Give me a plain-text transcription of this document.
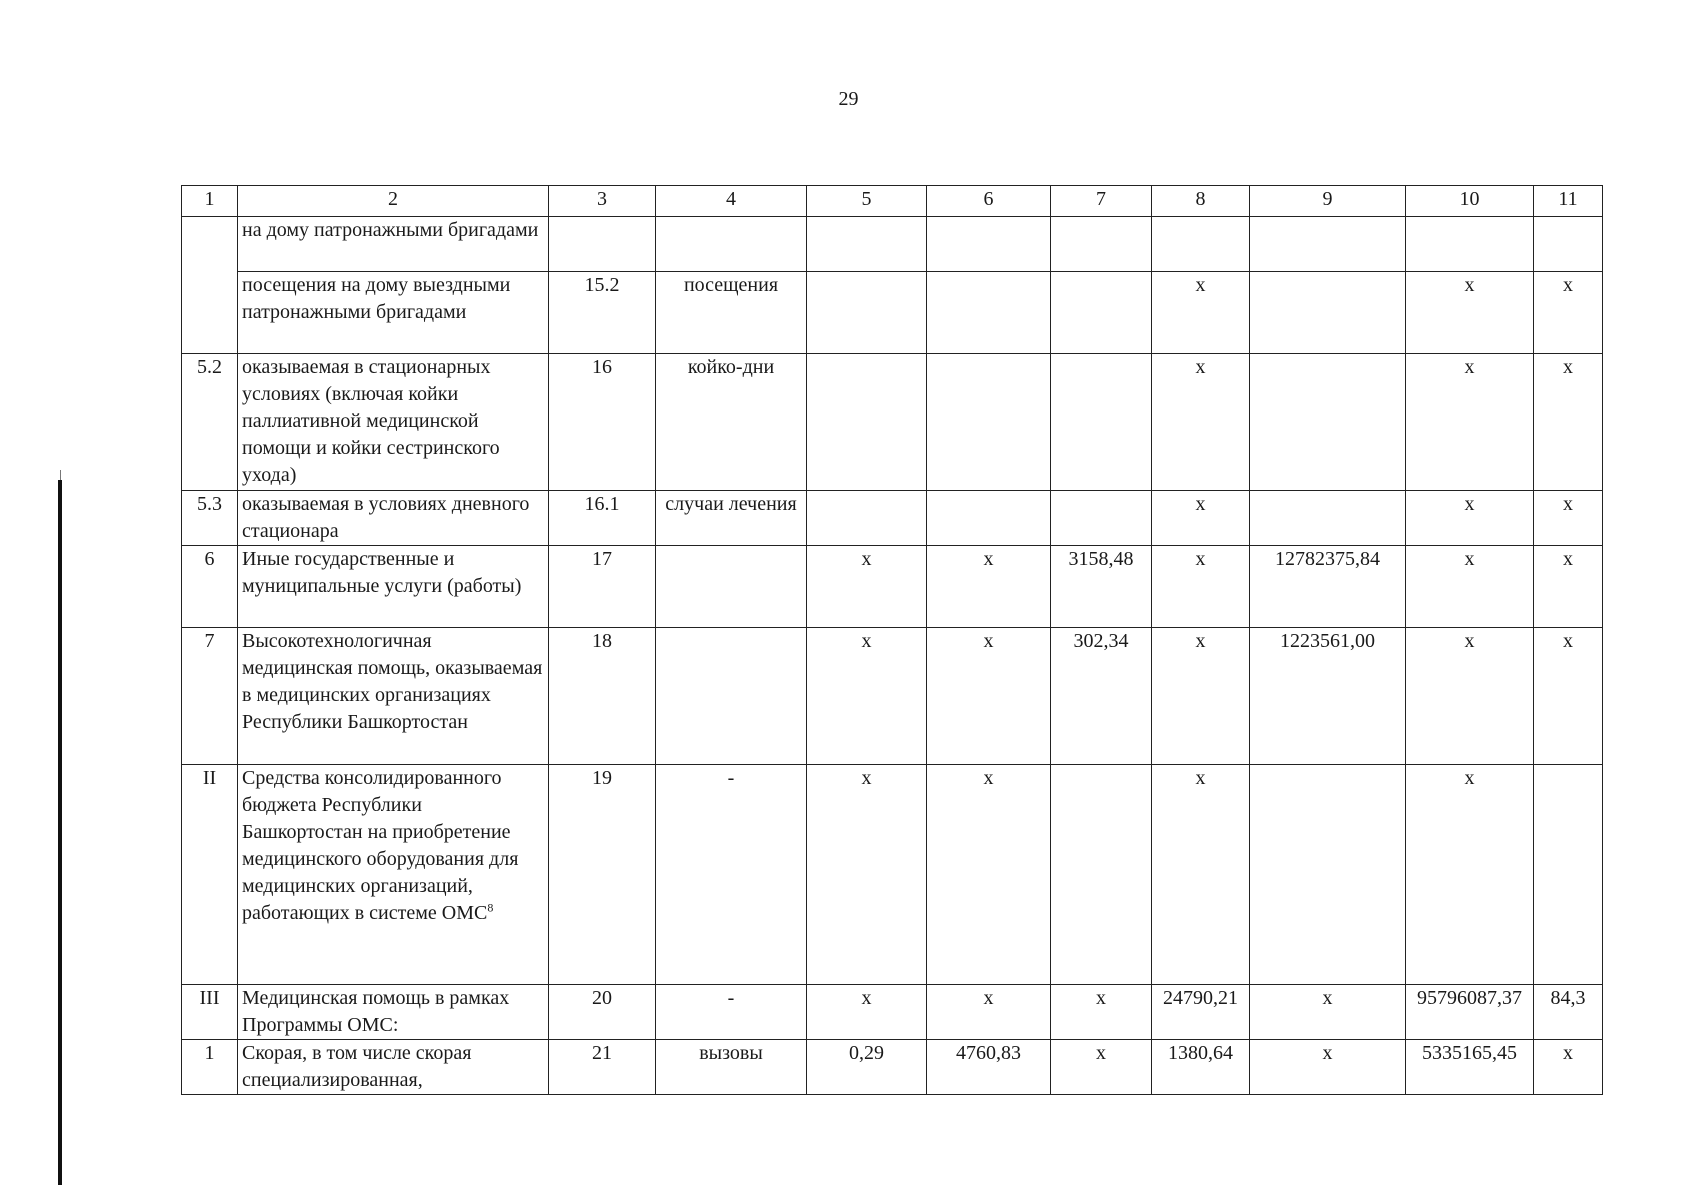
29
1	2	3	4	5	6	7	8	9	10	11
	на дому патронажными бригадами									
	посещения на дому выездными патронажными бригадами	15.2	посещения				х		х	х
5.2	оказываемая в стационарных условиях (включая койки паллиативной медицинской помощи и койки сестринского ухода)	16	койко-дни				х		х	х
5.3	оказываемая в условиях дневного стационара	16.1	случаи лечения				х		х	х
6	Иные государственные и муниципальные услуги (работы)	17		х	х	3158,48	х	12782375,84	х	х
7	Высокотехнологичная медицинская помощь, оказываемая в медицинских организациях Республики Башкортостан	18		х	х	302,34	х	1223561,00	х	х
II	Средства консолидированного бюджета Республики Башкортостан на приобретение медицинского оборудования для медицинских организаций, работающих в системе ОМС$^8$	19	-	х	х		х		х	
III	Медицинская помощь в рамках Программы ОМС:	20	-	х	х	х	24790,21	х	95796087,37	84,3
1	Скорая, в том числе скорая специализированная,	21	вызовы	0,29	4760,83	х	1380,64	х	5335165,45	х
